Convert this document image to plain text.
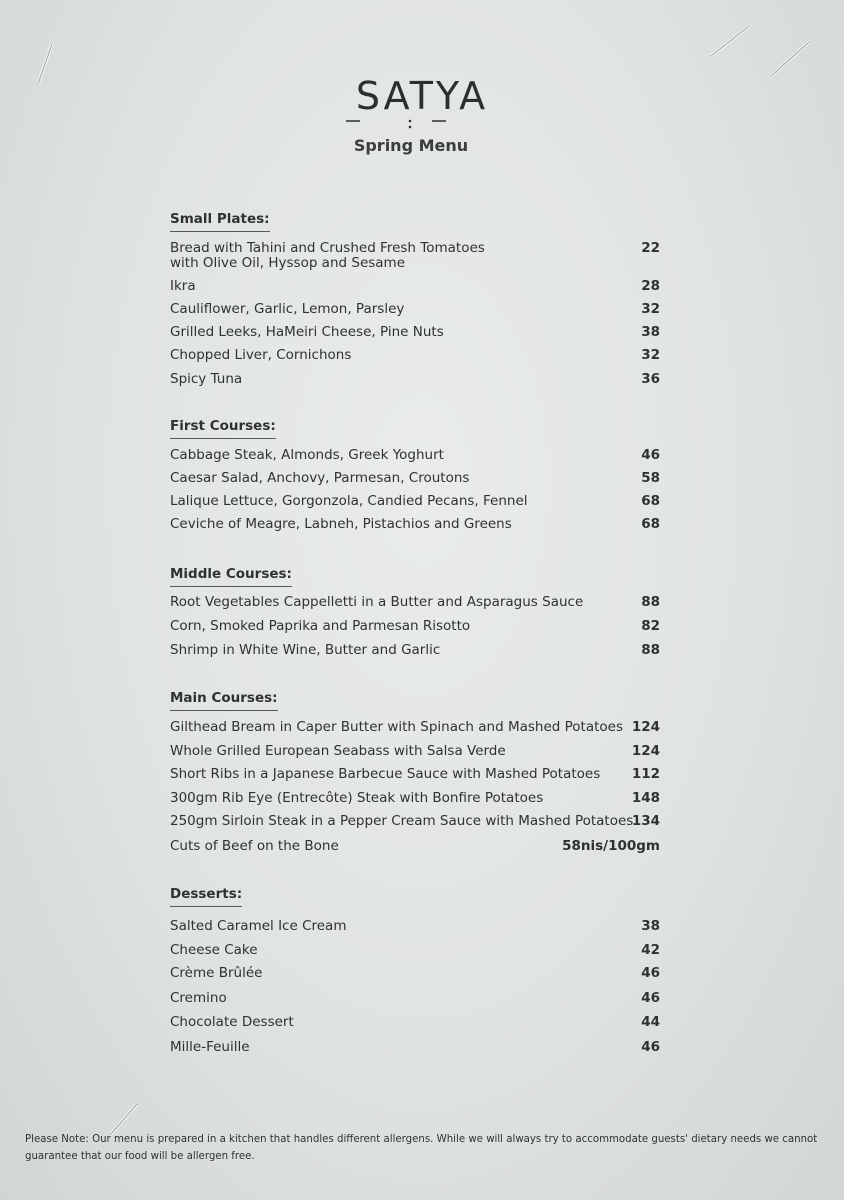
SATYA
Spring Menu
Small Plates:
Bread with Tahini and Crushed Fresh Tomatoes
with Olive Oil, Hyssop and Sesame
22
Ikra	28
Cauliflower, Garlic, Lemon, Parsley	32
Grilled Leeks, HaMeiri Cheese, Pine Nuts	38
Chopped Liver, Cornichons	32
Spicy Tuna	36
First Courses:
Cabbage Steak, Almonds, Greek Yoghurt	46
Caesar Salad, Anchovy, Parmesan, Croutons	58
Lalique Lettuce, Gorgonzola, Candied Pecans, Fennel	68
Ceviche of Meagre, Labneh, Pistachios and Greens	68
Middle Courses:
Root Vegetables Cappelletti in a Butter and Asparagus Sauce	88
Corn, Smoked Paprika and Parmesan Risotto	82
Shrimp in White Wine, Butter and Garlic	88
Main Courses:
Gilthead Bream in Caper Butter with Spinach and Mashed Potatoes 124
Whole Grilled European Seabass with Salsa Verde	124
Short Ribs in a Japanese Barbecue Sauce with Mashed Potatoes 112
300gm Rib Eye (Entrecôte) Steak with Bonfire Potatoes	148
250gm Sirloin Steak in a Pepper Cream Sauce with Mashed Potatoes
134
Cuts of Beef on the Bone	58nis/100gm
Desserts:
Salted Caramel Ice Cream	38
Cheese Cake	42
Crème Brûlée	46
Cremino	46
Chocolate Dessert	44
Mille-Feuille	46
Please Note: Our menu is prepared in a kitchen that handles different allergens. While we will always try to accommodate guests' dietary needs we cannot guarantee that our food will be allergen free.
